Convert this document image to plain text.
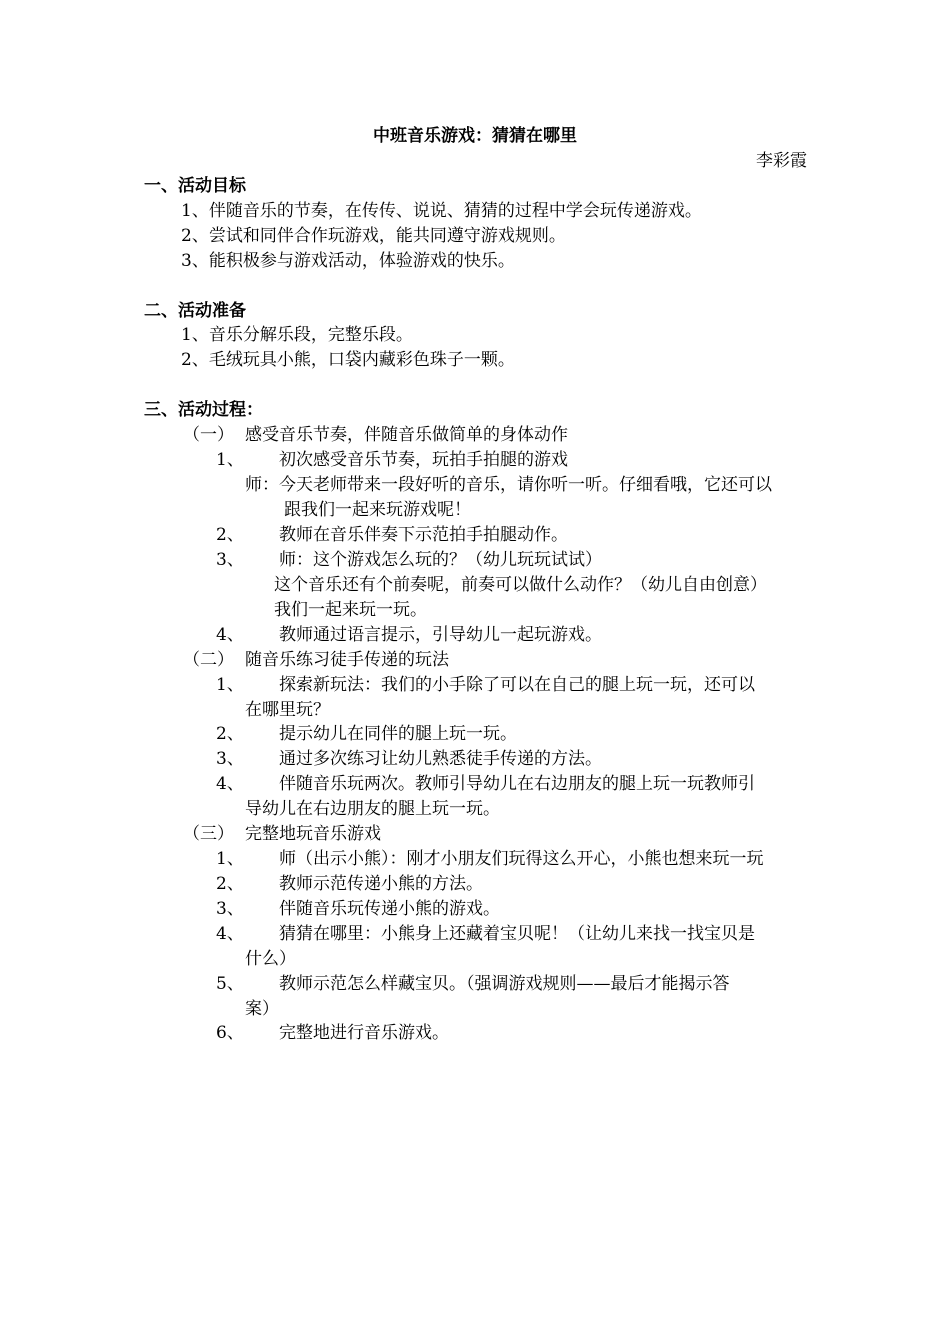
中班音乐游戏：猜猜在哪里
李彩霞
一、活动目标
1、伴随音乐的节奏，在传传、说说、猜猜的过程中学会玩传递游戏。
2、尝试和同伴合作玩游戏，能共同遵守游戏规则。
3、能积极参与游戏活动，体验游戏的快乐。
二、活动准备
1、音乐分解乐段，完整乐段。
2、毛绒玩具小熊，口袋内藏彩色珠子一颗。
三、活动过程：
（一） 感受音乐节奏，伴随音乐做简单的身体动作
1、 初次感受音乐节奏，玩拍手拍腿的游戏
师：今天老师带来一段好听的音乐，请你听一听。仔细看哦，它还可以
跟我们一起来玩游戏呢！
2、 教师在音乐伴奏下示范拍手拍腿动作。
3、 师：这个游戏怎么玩的？（幼儿玩玩试试）
这个音乐还有个前奏呢，前奏可以做什么动作？（幼儿自由创意）
我们一起来玩一玩。
4、 教师通过语言提示，引导幼儿一起玩游戏。
（二） 随音乐练习徒手传递的玩法
1、 探索新玩法：我们的小手除了可以在自己的腿上玩一玩，还可以
在哪里玩？
2、 提示幼儿在同伴的腿上玩一玩。
3、 通过多次练习让幼儿熟悉徒手传递的方法。
4、 伴随音乐玩两次。教师引导幼儿在右边朋友的腿上玩一玩教师引
导幼儿在右边朋友的腿上玩一玩。
（三） 完整地玩音乐游戏
1、 师（出示小熊）：刚才小朋友们玩得这么开心，小熊也想来玩一玩
2、 教师示范传递小熊的方法。
3、 伴随音乐玩传递小熊的游戏。
4、 猜猜在哪里：小熊身上还藏着宝贝呢！（让幼儿来找一找宝贝是
什么）
5、 教师示范怎么样藏宝贝。（强调游戏规则——最后才能揭示答
案）
6、 完整地进行音乐游戏。
